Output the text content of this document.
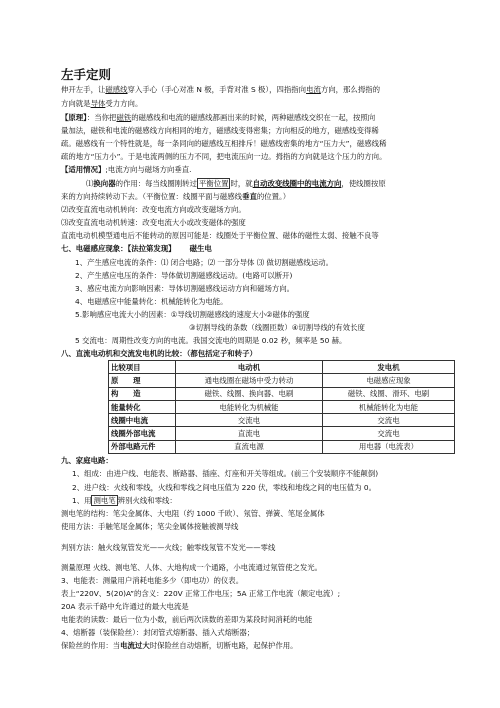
左手定则
伸开左手，让磁感线穿入手心（手心对准 N 极，手背对准 S 极），四指指向电流方向，那么拇指的
方向就是导体受力方向。
【原理】：当你把磁铁的磁感线和电流的磁感线都画出来的时候，两种磁感线交织在一起，按照向
量加法，磁铁和电流的磁感线方向相同的地方，磁感线变得密集；方向相反的地方，磁感线变得稀
疏。磁感线有一个特性就是，每一条同向的磁感线互相排斥！磁感线密集的地方“压力大”，磁感线稀
疏的地方“压力小”。于是电流两侧的压力不同，把电流压向一边。拇指的方向就是这个压力的方向。
【适用情况】;电流方向与磁场方向垂直.
⑴换向器的作用：每当线圈刚转过 平衡位置 时，就自动改变线圈中的电流方向，使线圈按原
来的方向持续转动下去。（平衡位置：线圈平面与磁感线垂直的位置。）
⑵改变直流电动机转向：改变电流方向或改变磁场方向。
⑶改变直流电动机转速：改变电流大小或改变磁体的强度
直流电动机模型通电后不能转动的原因可能是：线圈处于平衡位置、磁体的磁性太弱、接触不良等
七、电磁感应现象：【法拉第发现】 磁生电
1、产生感应电流的条件：⑴ 闭合电路；⑵ 一部分导体 ⑶ 做切割磁感线运动。
2、产生感应电压的条件：导体做切割磁感线运动。(电路可以断开)
3、感应电流方向影响因素：导体切割磁感线运动方向和磁场方向。
4、电磁感应中能量转化：机械能转化为电能。
5.影响感应电流大小的因素：①导线切割磁感线的速度大小②磁体的强度
③切割导线的条数（线圈匝数）④切割导线的有效长度
5 交流电：周期性改变方向的电流。我国交流电的周期是 0.02 秒，频率是 50 赫。
八、直流电动机和交流发电机的比较：（都包括定子和转子）
比较项目	电动机	发电机
原　　理	通电线圈在磁场中受力转动	电磁感应现象
构　　造	磁铁、线圈、换向器、电刷	磁铁、线圈、滑环、电刷
能量转化	电能转化为机械能	机械能转化为电能
线圈中电流	交流电	交流电
线圈外部电流	直流电	交流电
外部电路元件	直流电源	用电器（电流表）
九、家庭电路：
1、组成：由进户线、电能表、断路器、插座、灯座和开关等组成。(前三个安装顺序不能颠倒)
2、进户线：火线和零线，火线和零线之间电压值为 220 伏，零线和地线之间的电压值为 0。
1、用 测电笔 辨别火线和零线：
测电笔的结构：笔尖金属体、大电阻（约 1000 千欧）、氖管、弹簧、笔尾金属体
使用方法：手触笔尾金属体；笔尖金属体接触被测导线
判别方法：触火线氖管发光——火线；触零线氖管不发光——零线
测量原理 火线、测电笔、人体、大地构成一个通路，小电流通过氖管使之发光。
3、电能表：测量用户消耗电能多少（即电功）的仪表。
表上“220V、5(20)A”的含义：220V 正常工作电压；5A 正常工作电流（额定电流）;
20A 表示千路中允许通过的最大电流是
电能表的读数：最后一位为小数，前后两次读数的差即为某段时间消耗的电能
4、熔断器（装保险丝）：封闭管式熔断器、插入式熔断器；
保险丝的作用：当电流过大时保险丝自动熔断，切断电路，起保护作用。
